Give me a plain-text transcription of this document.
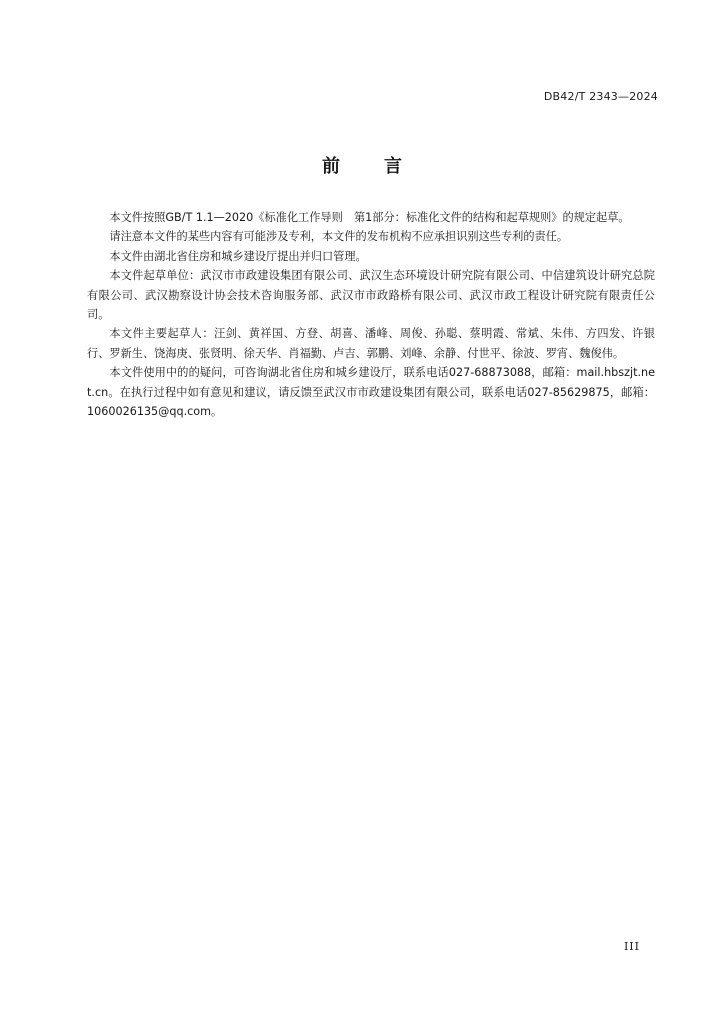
DB42/T 2343—2024
前言

本文件按照GB/T 1.1—2020《标准化工作导则　第1部分：标准化文件的结构和起草规则》的规定起草。

请注意本文件的某些内容有可能涉及专利，本文件的发布机构不应承担识别这些专利的责任。

本文件由湖北省住房和城乡建设厅提出并归口管理。

本文件起草单位：武汉市市政建设集团有限公司、武汉生态环境设计研究院有限公司、中信建筑设计研究总院有限公司、武汉勘察设计协会技术咨询服务部、武汉市市政路桥有限公司、武汉市政工程设计研究院有限责任公司。

本文件主要起草人：汪剑、黄祥国、方登、胡喜、潘峰、周俊、孙聪、蔡明霞、常斌、朱伟、方四发、许银行、罗新生、饶海庚、张贤明、徐天华、肖福勤、卢吉、郭鹏、刘峰、余静、付世平、徐波、罗宵、魏俊伟。

本文件使用中的的疑问，可咨询湖北省住房和城乡建设厅，联系电话027-68873088，邮箱：mail.hbszjt.net.cn。在执行过程中如有意见和建议，请反馈至武汉市市政建设集团有限公司，联系电话027-85629875，邮箱：1060026135@qq.com。

III
